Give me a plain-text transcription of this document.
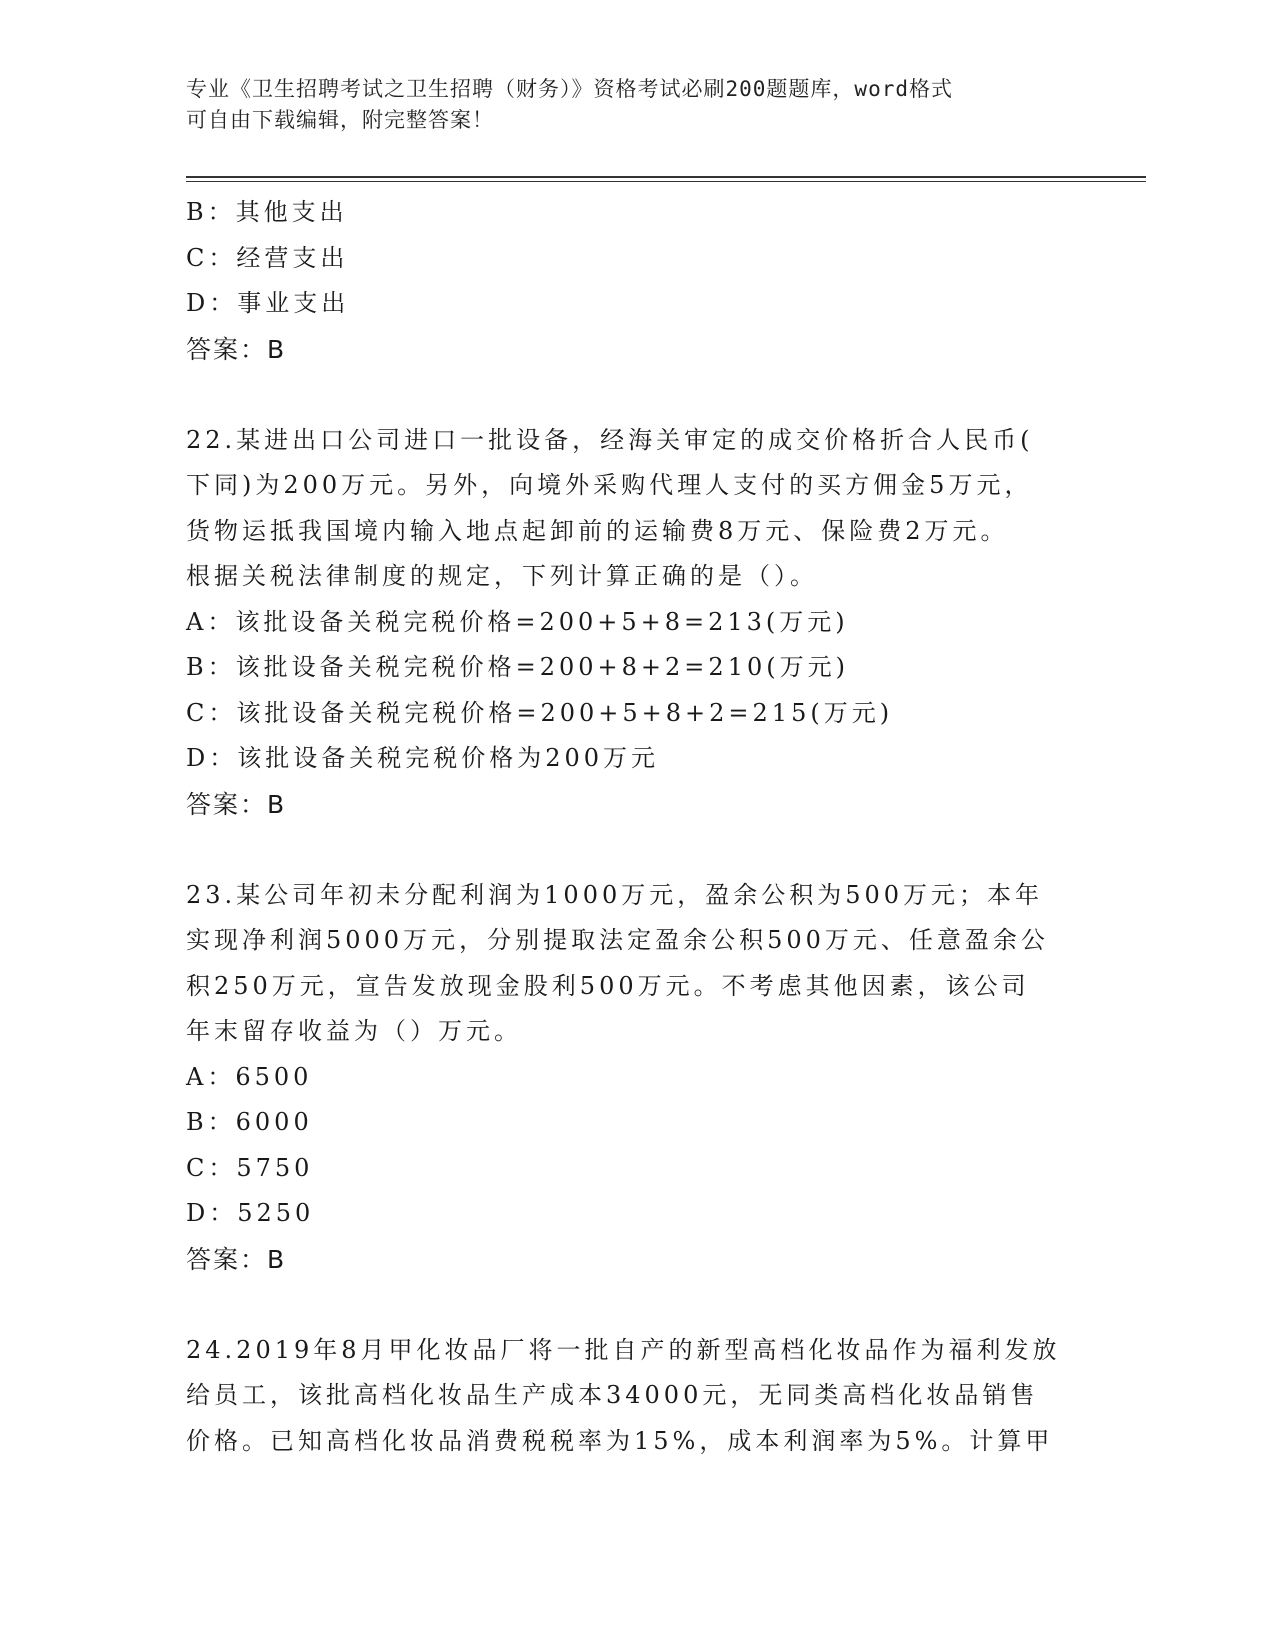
专业《卫生招聘考试之卫生招聘（财务）》资格考试必刷200题题库，word格式
可自由下载编辑，附完整答案！
B：其他支出
C：经营支出
D：事业支出
答案：B
22.某进出口公司进口一批设备，经海关审定的成交价格折合人民币(
下同)为200万元。另外，向境外采购代理人支付的买方佣金5万元，
货物运抵我国境内输入地点起卸前的运输费8万元、保险费2万元。
根据关税法律制度的规定，下列计算正确的是（）。
A：该批设备关税完税价格=200+5+8=213(万元)
B：该批设备关税完税价格=200+8+2=210(万元)
C：该批设备关税完税价格=200+5+8+2=215(万元)
D：该批设备关税完税价格为200万元
答案：B
23.某公司年初未分配利润为1000万元，盈余公积为500万元；本年
实现净利润5000万元，分别提取法定盈余公积500万元、任意盈余公
积250万元，宣告发放现金股利500万元。不考虑其他因素，该公司
年末留存收益为（）万元。
A：6500
B：6000
C：5750
D：5250
答案：B
24.2019年8月甲化妆品厂将一批自产的新型高档化妆品作为福利发放
给员工，该批高档化妆品生产成本34000元，无同类高档化妆品销售
价格。已知高档化妆品消费税税率为15%，成本利润率为5%。计算甲
